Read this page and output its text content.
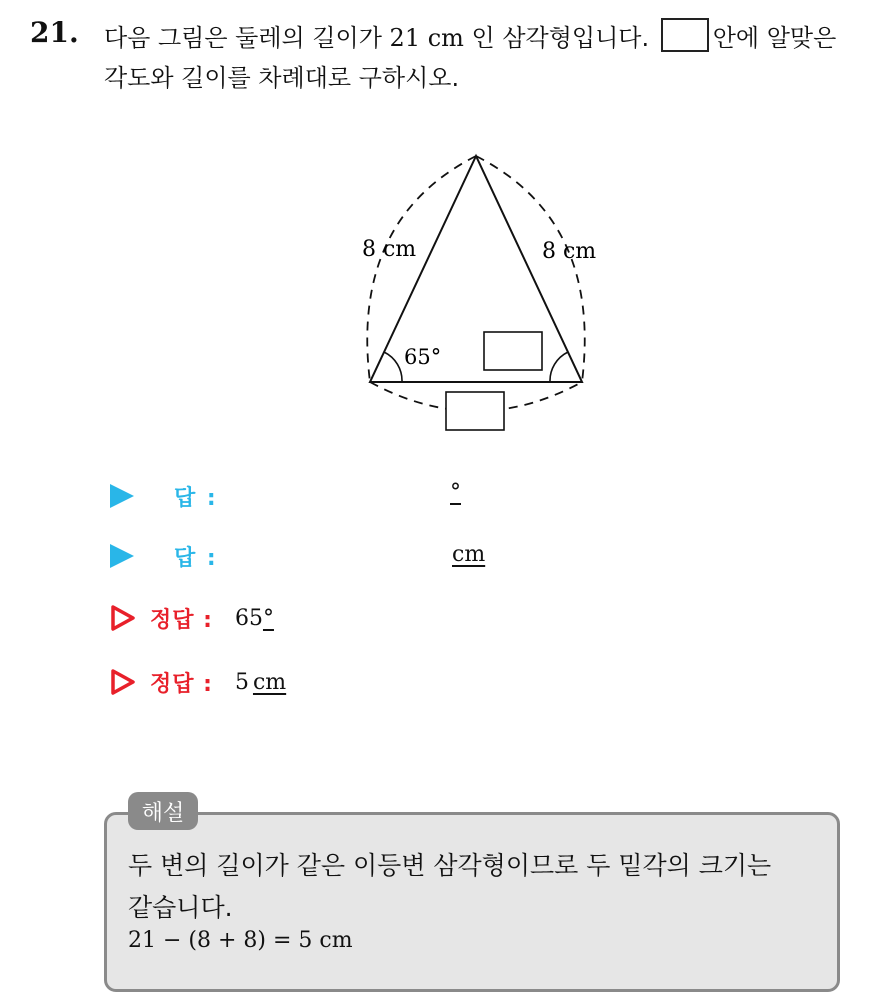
21. 다음 그림은 둘레의 길이가 21 cm 인 삼각형입니다. 안에 알맞은
각도와 길이를 차례대로 구하시오.
8 cm	8 cm
65°
답 :	°
답 :	cm
정답 : 65 °
정답 : 5 cm
해설
두 변의 길이가 같은 이등변 삼각형이므로 두 밑각의 크기는
같습니다.
21 − (8 + 8) = 5 cm
